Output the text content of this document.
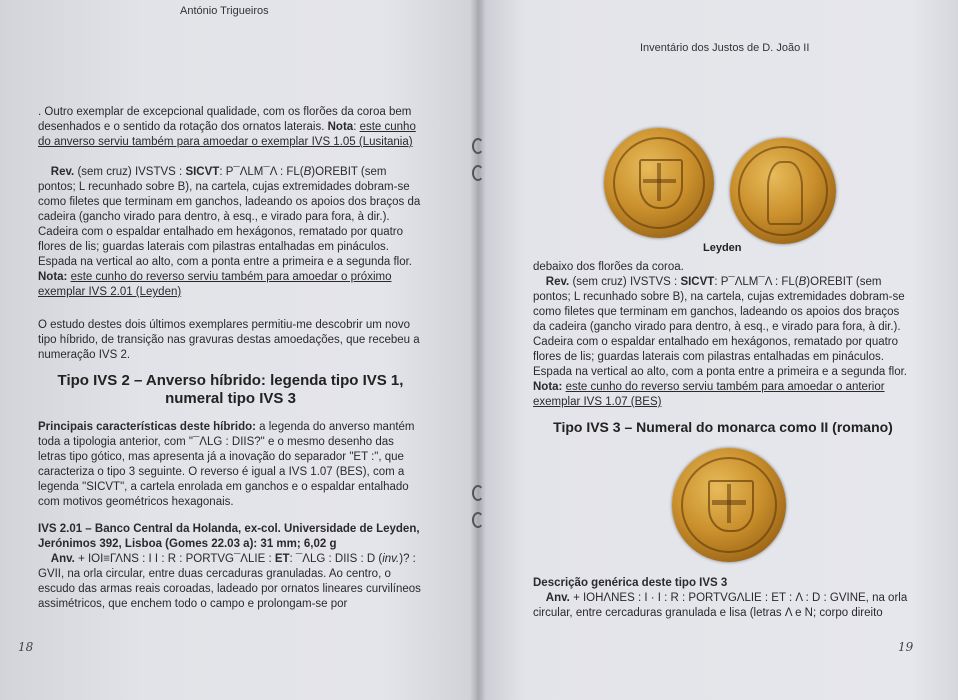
António Trigueiros

. Outro exemplar de excepcional qualidade, com os florões da coroa bem desenhados e o sentido da rotação dos ornatos laterais. Nota: este cunho do anverso serviu também para amoedar o exemplar IVS 1.05 (Lusitania)

Rev. (sem cruz) IVSTVS : SICVT: P¯ΛLM¯Λ : FL(B)OREBIT (sem pontos; L recunhado sobre B), na cartela, cujas extremidades dobram-se como filetes que terminam em ganchos, ladeando os apoios dos braços da cadeira (gancho virado para dentro, à esq., e virado para fora, à dir.). Cadeira com o espaldar entalhado em hexágonos, rematado por quatro flores de lis; guardas laterais com pilastras entalhadas em pináculos. Espada na vertical ao alto, com a ponta entre a primeira e a segunda flor. Nota: este cunho do reverso serviu também para amoedar o próximo exemplar IVS 2.01 (Leyden)

O estudo destes dois últimos exemplares permitiu-me descobrir um novo tipo híbrido, de transição nas gravuras destas amoedações, que recebeu a numeração IVS 2.
Tipo IVS 2 – Anverso híbrido: legenda tipo IVS 1,
numeral tipo IVS 3

Principais características deste híbrido: a legenda do anverso mantém toda a tipologia anterior, com "¯ΛLG : DIIS?" e o mesmo desenho das letras tipo gótico, mas apresenta já a inovação do separador "ET :", que caracteriza o tipo 3 seguinte. O reverso é igual a IVS 1.07 (BES), com a legenda "SICVT", a cartela enrolada em ganchos e o espaldar entalhado com motivos geométricos hexagonais.

IVS 2.01 – Banco Central da Holanda, ex-col. Universidade de Leyden, Jerónimos 392, Lisboa (Gomes 22.03 a): 31 mm; 6,02 g

Anv. + IOI≡ΓΛNS : I I : R : PORTVG¯ΛLIE : ET: ¯ΛLG : DIIS : D (inv.)? : GVII, na orla circular, entre duas cercaduras granuladas. Ao centro, o escudo das armas reais coroadas, ladeado por ornatos lineares curvilíneos assimétricos, que enchem todo o campo e prolongam-se por

18
Inventário dos Justos de D. João II
Leyden

debaixo dos florões da coroa.

Rev. (sem cruz) IVSTVS : SICVT: P¯ΛLM¯Λ : FL(B)OREBIT (sem pontos; L recunhado sobre B), na cartela, cujas extremidades dobram-se como filetes que terminam em ganchos, ladeando os apoios dos braços da cadeira (gancho virado para dentro, à esq., e virado para fora, à dir.). Cadeira com o espaldar entalhado em hexágonos, rematado por quatro flores de lis; guardas laterais com pilastras entalhadas em pináculos. Espada na vertical ao alto, com a ponta entre a primeira e a segunda flor. Nota: este cunho do reverso serviu também para amoedar o anterior exemplar IVS 1.07 (BES)

Tipo IVS 3 – Numeral do monarca como II (romano)

Descrição genérica deste tipo IVS 3

Anv. + IOHΛNES : I · I : R : PORTVGΛLIE : ET : Λ : D : GVINE, na orla circular, entre cercaduras granulada e lisa (letras Λ e N; corpo direito

19
